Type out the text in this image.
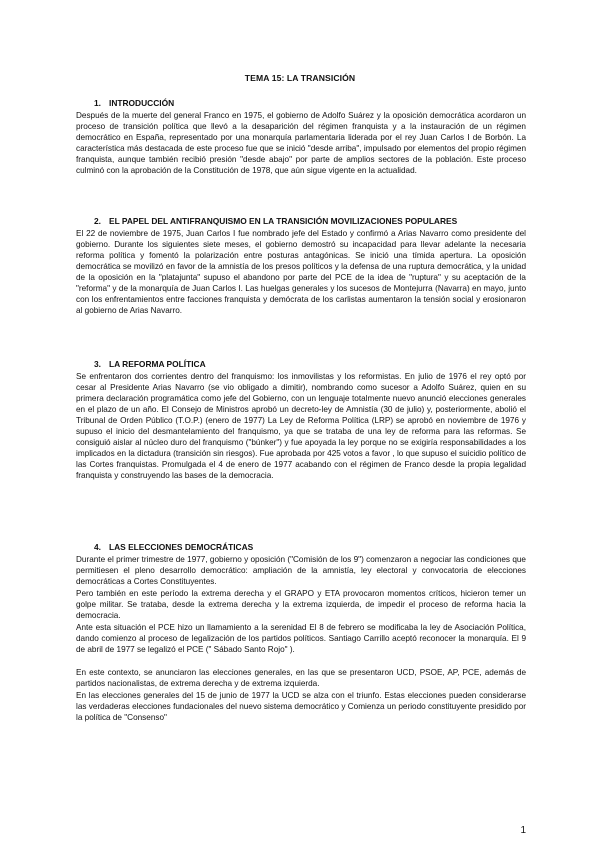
TEMA 15: LA TRANSICIÓN
1. INTRODUCCIÓN

Después de la muerte del general Franco en 1975, el gobierno de Adolfo Suárez y la oposición democrática acordaron un proceso de transición política que llevó a la desaparición del régimen franquista y a la instauración de un régimen democrático en España, representado por una monarquía parlamentaria liderada por el rey Juan Carlos I de Borbón. La característica más destacada de este proceso fue que se inició "desde arriba", impulsado por elementos del propio régimen franquista, aunque también recibió presión "desde abajo" por parte de amplios sectores de la población. Este proceso culminó con la aprobación de la Constitución de 1978, que aún sigue vigente en la actualidad.

2. EL PAPEL DEL ANTIFRANQUISMO EN LA TRANSICIÓN MOVILIZACIONES POPULARES

El 22 de noviembre de 1975, Juan Carlos I fue nombrado jefe del Estado y confirmó a Arias Navarro como presidente del gobierno. Durante los siguientes siete meses, el gobierno demostró su incapacidad para llevar adelante la necesaria reforma política y fomentó la polarización entre posturas antagónicas. Se inició una tímida apertura. La oposición democrática se movilizó en favor de la amnistía de los presos políticos y la defensa de una ruptura democrática, y la unidad de la oposición en la "platajunta" supuso el abandono por parte del PCE de la idea de "ruptura" y su aceptación de la "reforma" y de la monarquía de Juan Carlos I. Las huelgas generales y los sucesos de Montejurra (Navarra) en mayo, junto con los enfrentamientos entre facciones franquista y demócrata de los carlistas aumentaron la tensión social y erosionaron al gobierno de Arias Navarro.

3. LA REFORMA POLÍTICA

Se enfrentaron dos corrientes dentro del franquismo: los inmovilistas y los reformistas. En julio de 1976 el rey optó por cesar al Presidente Arias Navarro (se vio obligado a dimitir), nombrando como sucesor a Adolfo Suárez, quien en su primera declaración programática como jefe del Gobierno, con un lenguaje totalmente nuevo anunció elecciones generales en el plazo de un año. El Consejo de Ministros aprobó un decreto-ley de Amnistía (30 de julio) y, posteriormente, abolió el Tribunal de Orden Público (T.O.P.) (enero de 1977) La Ley de Reforma Política (LRP) se aprobó en noviembre de 1976 y supuso el inicio del desmantelamiento del franquismo, ya que se trataba de una ley de reforma para las reformas. Se consiguió aislar al núcleo duro del franquismo ("búnker") y fue apoyada la ley porque no se exigiría responsabilidades a los implicados en la dictadura (transición sin riesgos). Fue aprobada por 425 votos a favor , lo que supuso el suicidio político de las Cortes franquistas. Promulgada el 4 de enero de 1977 acabando con el régimen de Franco desde la propia legalidad franquista y construyendo las bases de la democracia.

4. LAS ELECCIONES DEMOCRÁTICAS

Durante el primer trimestre de 1977, gobierno y oposición ("Comisión de los 9") comenzaron a negociar las condiciones que permitiesen el pleno desarrollo democrático: ampliación de la amnistía, ley electoral y convocatoria de elecciones democráticas a Cortes Constituyentes.

Pero también en este período la extrema derecha y el GRAPO y ETA provocaron momentos críticos, hicieron temer un golpe militar. Se trataba, desde la extrema derecha y la extrema izquierda, de impedir el proceso de reforma hacia la democracia.

Ante esta situación el PCE hizo un llamamiento a la serenidad El 8 de febrero se modificaba la ley de Asociación Política, dando comienzo al proceso de legalización de los partidos políticos. Santiago Carrillo aceptó reconocer la monarquía. El 9 de abril de 1977 se legalizó el PCE (" Sábado Santo Rojo" ).

En este contexto, se anunciaron las elecciones generales, en las que se presentaron UCD, PSOE, AP, PCE, además de partidos nacionalistas, de extrema derecha y de extrema izquierda.

En las elecciones generales del 15 de junio de 1977 la UCD se alza con el triunfo. Estas elecciones pueden considerarse las verdaderas elecciones fundacionales del nuevo sistema democrático y Comienza un periodo constituyente presidido por la política de "Consenso"

1
